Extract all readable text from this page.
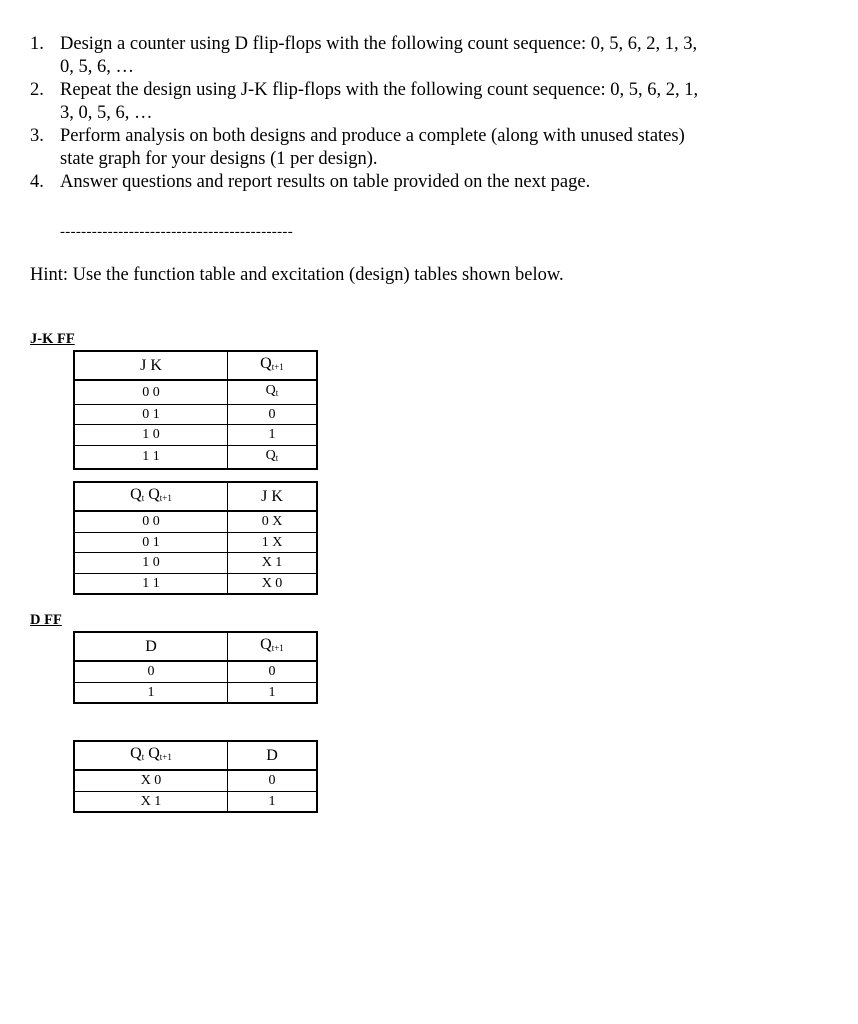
1. Design a counter using D flip-flops with the following count sequence: 0, 5, 6, 2, 1, 3,
0, 5, 6, …
2. Repeat the design using J-K flip-flops with the following count sequence: 0, 5, 6, 2, 1,
3, 0, 5, 6, …
3. Perform analysis on both designs and produce a complete (along with unused states)
state graph for your designs (1 per design).
4. Answer questions and report results on table provided on the next page.
--------------------------------------------
Hint: Use the function table and excitation (design) tables shown below.
J-K FF
J K	$Q_{t+1}$
0 0	$Q_t$
0 1	0
1 0	1
1 1	$Q_t$
$Q_t$ $Q_{t+1}$	J K
0 0	0 X
0 1	1 X
1 0	X 1
1 1	X 0
D FF
D	$Q_{t+1}$
0	0
1	1
$Q_t$ $Q_{t+1}$	D
X 0	0
X 1	1
